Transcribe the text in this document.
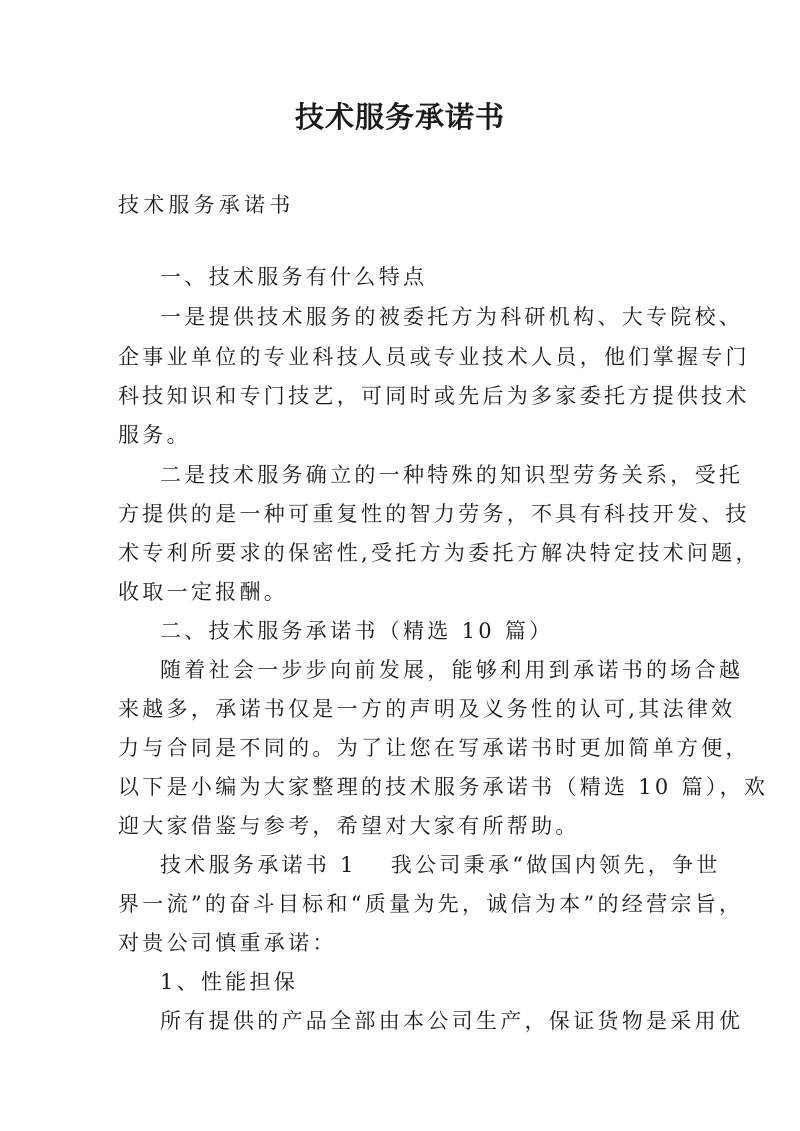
技术服务承诺书
技术服务承诺书
一、技术服务有什么特点
一是提供技术服务的被委托方为科研机构、大专院校、
企事业单位的专业科技人员或专业技术人员，他们掌握专门
科技知识和专门技艺，可同时或先后为多家委托方提供技术
服务。
二是技术服务确立的一种特殊的知识型劳务关系，受托
方提供的是一种可重复性的智力劳务，不具有科技开发、技
术专利所要求的保密性,受托方为委托方解决特定技术问题，
收取一定报酬。
二、技术服务承诺书（精选 10 篇）
随着社会一步步向前发展，能够利用到承诺书的场合越
来越多，承诺书仅是一方的声明及义务性的认可,其法律效
力与合同是不同的。为了让您在写承诺书时更加简单方便，
以下是小编为大家整理的技术服务承诺书（精选 10 篇），欢
迎大家借鉴与参考，希望对大家有所帮助。
技术服务承诺书 1 我公司秉承“做国内领先，争世
界一流”的奋斗目标和“质量为先，诚信为本”的经营宗旨，
对贵公司慎重承诺：
1、性能担保
所有提供的产品全部由本公司生产，保证货物是采用优
